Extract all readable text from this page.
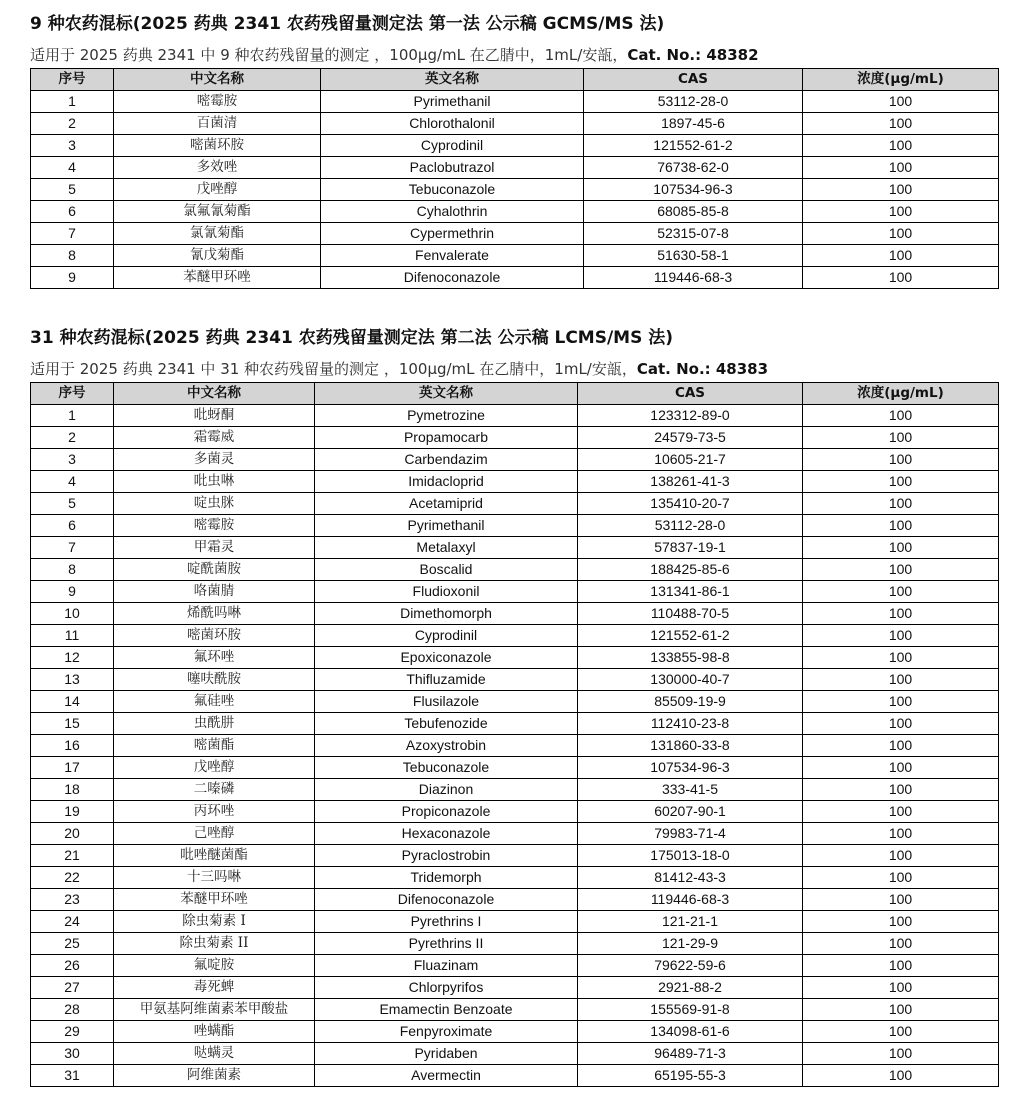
9 种农药混标(2025 药典 2341 农药残留量测定法 第一法 公示稿 GCMS/MS 法)
适用于 2025 药典 2341 中 9 种农药残留量的测定 ，100μg/mL 在乙腈中，1mL/安瓿，Cat. No.: 48382
序号	中文名称	英文名称	CAS	浓度(μg/mL)
1	嘧霉胺	Pyrimethanil	53112-28-0	100
2	百菌清	Chlorothalonil	1897-45-6	100
3	嘧菌环胺	Cyprodinil	121552-61-2	100
4	多效唑	Paclobutrazol	76738-62-0	100
5	戊唑醇	Tebuconazole	107534-96-3	100
6	氯氟氰菊酯	Cyhalothrin	68085-85-8	100
7	氯氰菊酯	Cypermethrin	52315-07-8	100
8	氰戊菊酯	Fenvalerate	51630-58-1	100
9	苯醚甲环唑	Difenoconazole	119446-68-3	100
31 种农药混标(2025 药典 2341 农药残留量测定法 第二法 公示稿 LCMS/MS 法)
适用于 2025 药典 2341 中 31 种农药残留量的测定 ，100μg/mL 在乙腈中，1mL/安瓿，Cat. No.: 48383
序号	中文名称	英文名称	CAS	浓度(μg/mL)
1	吡蚜酮	Pymetrozine	123312-89-0	100
2	霜霉威	Propamocarb	24579-73-5	100
3	多菌灵	Carbendazim	10605-21-7	100
4	吡虫啉	Imidacloprid	138261-41-3	100
5	啶虫脒	Acetamiprid	135410-20-7	100
6	嘧霉胺	Pyrimethanil	53112-28-0	100
7	甲霜灵	Metalaxyl	57837-19-1	100
8	啶酰菌胺	Boscalid	188425-85-6	100
9	咯菌腈	Fludioxonil	131341-86-1	100
10	烯酰吗啉	Dimethomorph	110488-70-5	100
11	嘧菌环胺	Cyprodinil	121552-61-2	100
12	氟环唑	Epoxiconazole	133855-98-8	100
13	噻呋酰胺	Thifluzamide	130000-40-7	100
14	氟硅唑	Flusilazole	85509-19-9	100
15	虫酰肼	Tebufenozide	112410-23-8	100
16	嘧菌酯	Azoxystrobin	131860-33-8	100
17	戊唑醇	Tebuconazole	107534-96-3	100
18	二嗪磷	Diazinon	333-41-5	100
19	丙环唑	Propiconazole	60207-90-1	100
20	己唑醇	Hexaconazole	79983-71-4	100
21	吡唑醚菌酯	Pyraclostrobin	175013-18-0	100
22	十三吗啉	Tridemorph	81412-43-3	100
23	苯醚甲环唑	Difenoconazole	119446-68-3	100
24	除虫菊素 I	Pyrethrins I	121-21-1	100
25	除虫菊素 II	Pyrethrins II	121-29-9	100
26	氟啶胺	Fluazinam	79622-59-6	100
27	毒死蜱	Chlorpyrifos	2921-88-2	100
28	甲氨基阿维菌素苯甲酸盐	Emamectin Benzoate	155569-91-8	100
29	唑螨酯	Fenpyroximate	134098-61-6	100
30	哒螨灵	Pyridaben	96489-71-3	100
31	阿维菌素	Avermectin	65195-55-3	100
